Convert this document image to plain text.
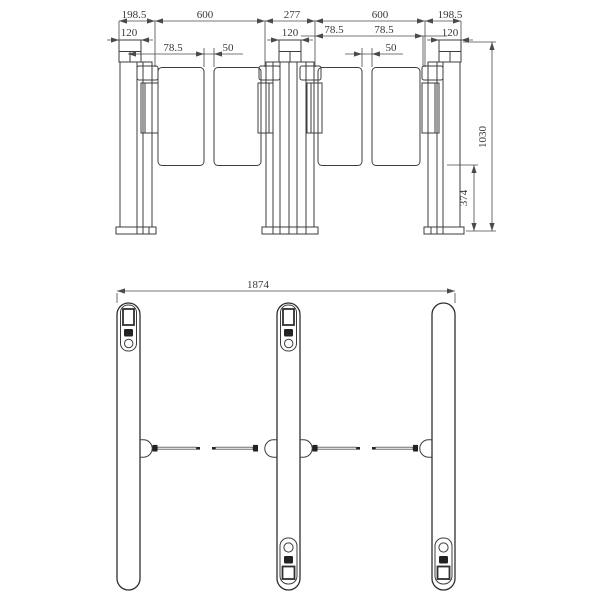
198.5	600	277	600	198.5
120	120	120
78.5	78.5
78.5	50	50
1030
374
1874
